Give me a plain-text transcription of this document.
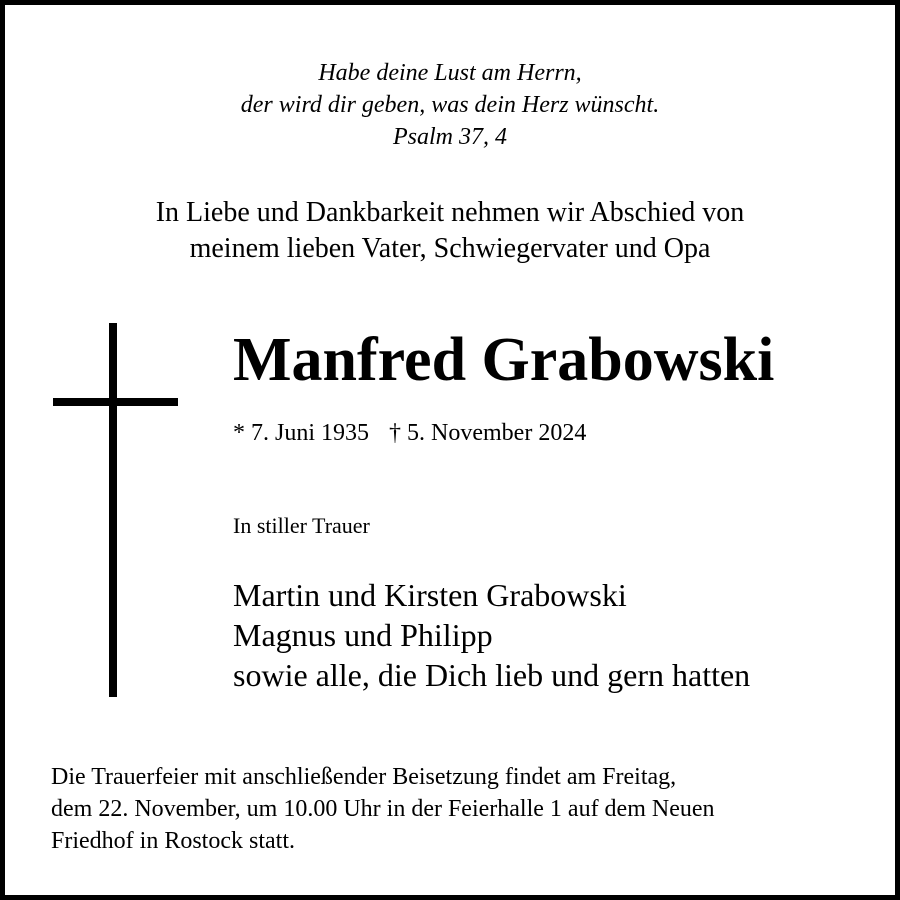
Habe deine Lust am Herrn,
der wird dir geben, was dein Herz wünscht.
Psalm 37, 4
In Liebe und Dankbarkeit nehmen wir Abschied von
meinem lieben Vater, Schwiegervater und Opa
Manfred Grabowski
* 7. Juni 1935 † 5. November 2024
In stiller Trauer
Martin und Kirsten Grabowski
Magnus und Philipp
sowie alle, die Dich lieb und gern hatten
Die Trauerfeier mit anschließender Beisetzung findet am Freitag,
dem 22. November, um 10.00 Uhr in der Feierhalle 1 auf dem Neuen
Friedhof in Rostock statt.
